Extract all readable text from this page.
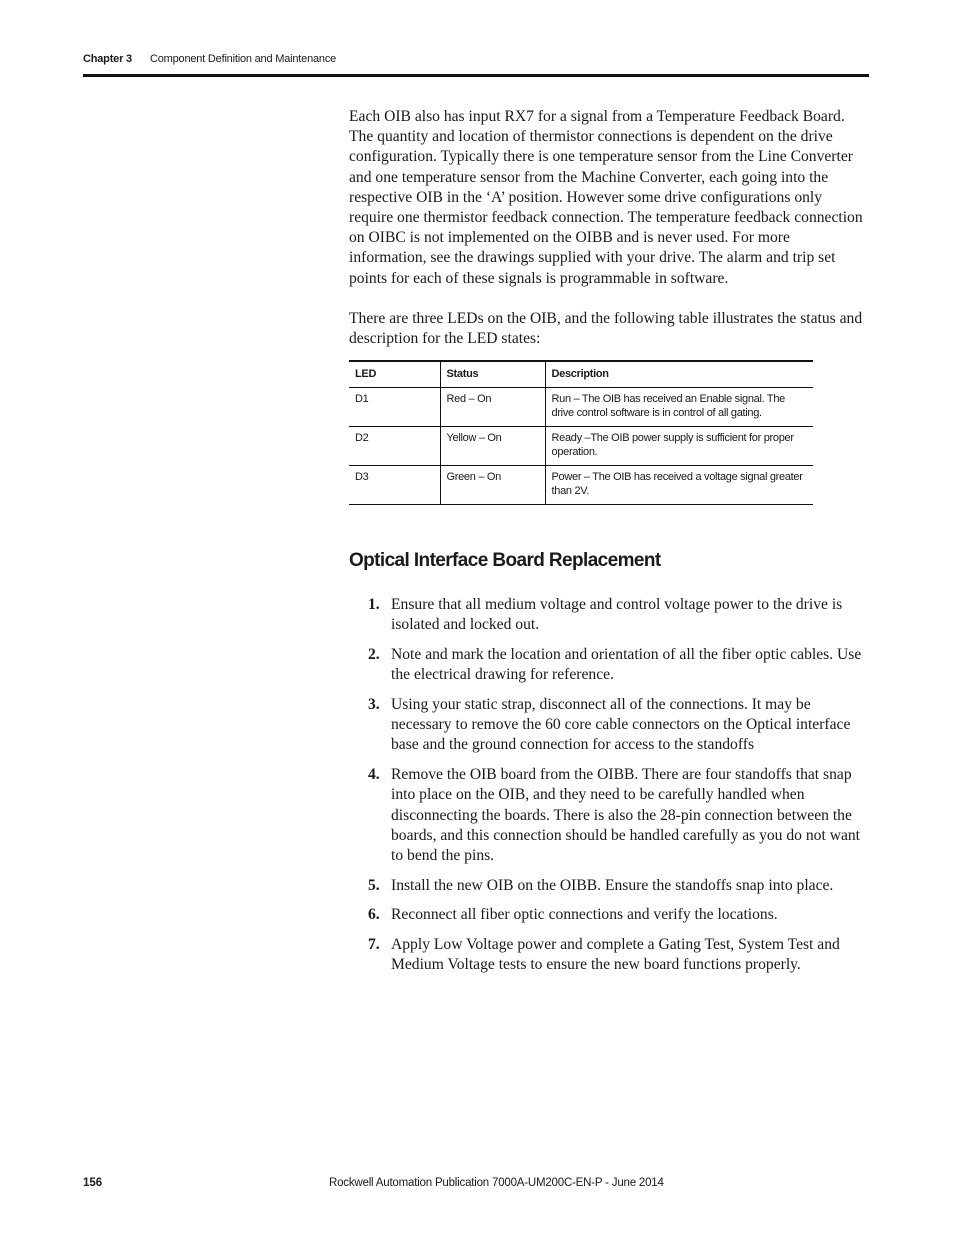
Chapter 3 Component Definition and Maintenance

Each OIB also has input RX7 for a signal from a Temperature Feedback Board. The quantity and location of thermistor connections is dependent on the drive configuration. Typically there is one temperature sensor from the Line Converter and one temperature sensor from the Machine Converter, each going into the respective OIB in the ‘A’ position. However some drive configurations only require one thermistor feedback connection. The temperature feedback connection on OIBC is not implemented on the OIBB and is never used. For more information, see the drawings supplied with your drive. The alarm and trip set points for each of these signals is programmable in software.

There are three LEDs on the OIB, and the following table illustrates the status and description for the LED states:

LED	Status	Description
D1	Red – On	Run – The OIB has received an Enable signal. The drive control software is in control of all gating.
D2	Yellow – On	Ready –The OIB power supply is sufficient for proper operation.
D3	Green – On	Power – The OIB has received a voltage signal greater than 2V.
Optical Interface Board Replacement
1. Ensure that all medium voltage and control voltage power to the drive is isolated and locked out.
2. Note and mark the location and orientation of all the fiber optic cables. Use the electrical drawing for reference.
3. Using your static strap, disconnect all of the connections. It may be necessary to remove the 60 core cable connectors on the Optical interface base and the ground connection for access to the standoffs
4. Remove the OIB board from the OIBB. There are four standoffs that snap into place on the OIB, and they need to be carefully handled when disconnecting the boards. There is also the 28-pin connection between the boards, and this connection should be handled carefully as you do not want to bend the pins.
5. Install the new OIB on the OIBB. Ensure the standoffs snap into place.
6. Reconnect all fiber optic connections and verify the locations.
7. Apply Low Voltage power and complete a Gating Test, System Test and Medium Voltage tests to ensure the new board functions properly.
156	Rockwell Automation Publication 7000A-UM200C-EN-P - June 2014
